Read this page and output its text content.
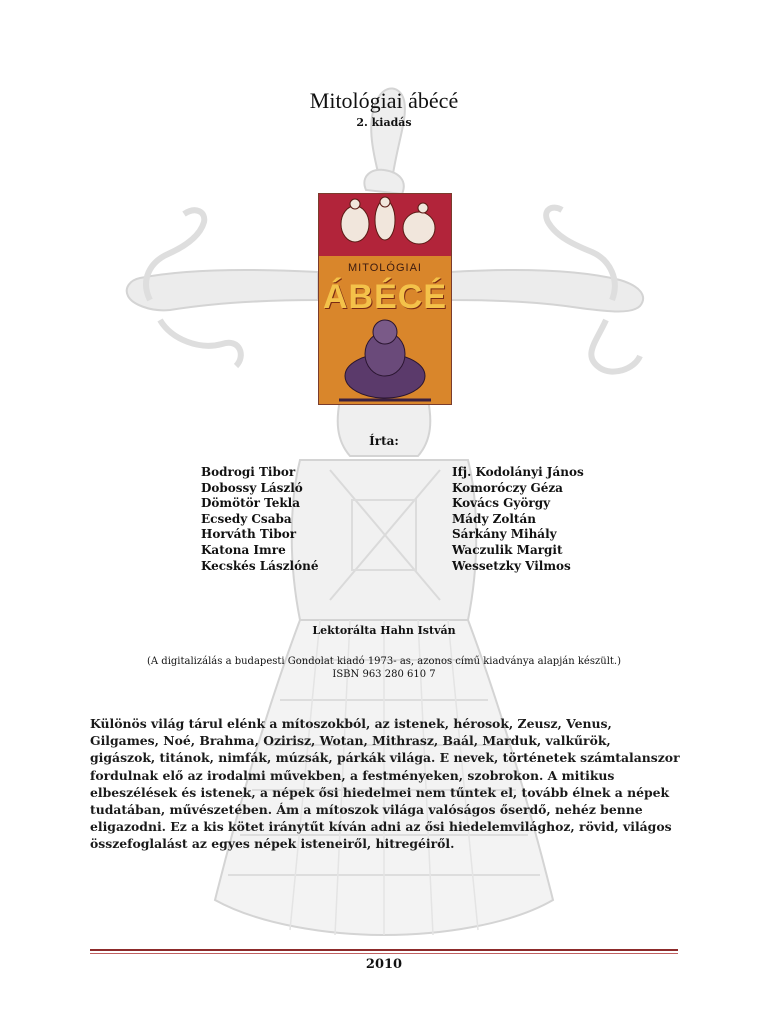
Mitológiai ábécé
2. kiadás
MITOLÓGIAI
ÁBÉCÉ
Írta:
Bodrogi Tibor
Dobossy László
Dömötör Tekla
Ecsedy Csaba
Horváth Tibor
Katona Imre
Kecskés Lászlóné
Ifj. Kodolányi János
Komoróczy Géza
Kovács György
Mády Zoltán
Sárkány Mihály
Waczulik Margit
Wessetzky Vilmos
Lektorálta Hahn István
(A digitalizálás a budapesti Gondolat kiadó 1973- as, azonos című kiadványa alapján készült.)
ISBN 963 280 610 7

Különös világ tárul elénk a mítoszokból, az istenek, hérosok, Zeusz, Venus, Gilgames, Noé, Brahma, Ozirisz, Wotan, Mithrasz, Baál, Marduk, valkűrök, gigászok, titánok, nimfák, múzsák, párkák világa. E nevek, történetek számtalanszor fordulnak elő az irodalmi művekben, a festményeken, szobrokon. A mitikus elbeszélések és istenek, a népek ősi hiedelmei nem tűntek el, tovább élnek a népek tudatában, művészetében. Ám a mítoszok világa valóságos őserdő, nehéz benne eligazodni. Ez a kis kötet iránytűt kíván adni az ősi hiedelemvilághoz, rövid, világos összefoglalást az egyes népek isteneiről, hitregéiről.

2010
